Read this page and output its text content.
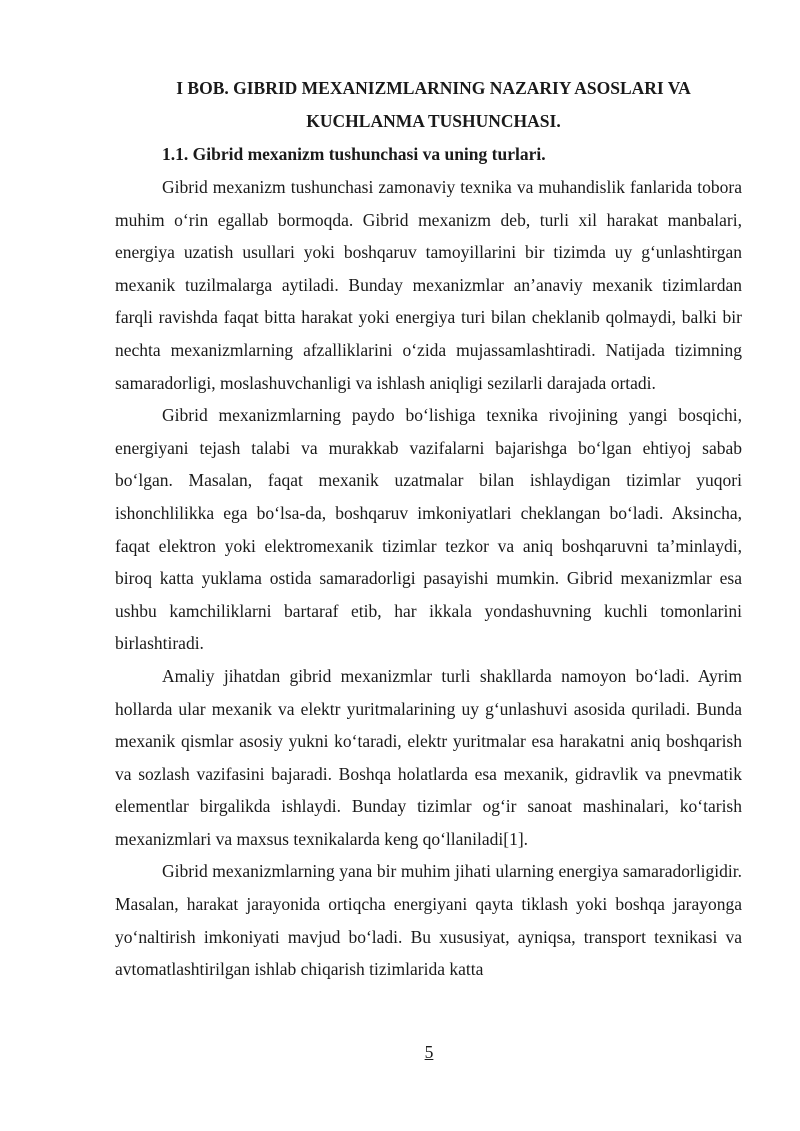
I BOB. GIBRID MEXANIZMLARNING NAZARIY ASOSLARI VA
KUCHLANMA TUSHUNCHASI.

1.1. Gibrid mexanizm tushunchasi va uning turlari.

Gibrid mexanizm tushunchasi zamonaviy texnika va muhandislik fanlarida tobora muhim o‘rin egallab bormoqda. Gibrid mexanizm deb, turli xil harakat manbalari, energiya uzatish usullari yoki boshqaruv tamoyillarini bir tizimda uy g‘unlashtirgan mexanik tuzilmalarga aytiladi. Bunday mexanizmlar an’anaviy mexanik tizimlardan farqli ravishda faqat bitta harakat yoki energiya turi bilan cheklanib qolmaydi, balki bir nechta mexanizmlarning afzalliklarini o‘zida mujassamlashtiradi. Natijada tizimning samaradorligi, moslashuvchanligi va ishlash aniqligi sezilarli darajada ortadi.

Gibrid mexanizmlarning paydo bo‘lishiga texnika rivojining yangi bosqichi, energiyani tejash talabi va murakkab vazifalarni bajarishga bo‘lgan ehtiyoj sabab bo‘lgan. Masalan, faqat mexanik uzatmalar bilan ishlaydigan tizimlar yuqori ishonchlilikka ega bo‘lsa-da, boshqaruv imkoniyatlari cheklangan bo‘ladi. Aksincha, faqat elektron yoki elektromexanik tizimlar tezkor va aniq boshqaruvni ta’minlaydi, biroq katta yuklama ostida samaradorligi pasayishi mumkin. Gibrid mexanizmlar esa ushbu kamchiliklarni bartaraf etib, har ikkala yondashuvning kuchli tomonlarini birlashtiradi.

Amaliy jihatdan gibrid mexanizmlar turli shakllarda namoyon bo‘ladi. Ayrim hollarda ular mexanik va elektr yuritmalarining uy g‘unlashuvi asosida quriladi. Bunda mexanik qismlar asosiy yukni ko‘taradi, elektr yuritmalar esa harakatni aniq boshqarish va sozlash vazifasini bajaradi. Boshqa holatlarda esa mexanik, gidravlik va pnevmatik elementlar birgalikda ishlaydi. Bunday tizimlar og‘ir sanoat mashinalari, ko‘tarish mexanizmlari va maxsus texnikalarda keng qo‘llaniladi[1].

Gibrid mexanizmlarning yana bir muhim jihati ularning energiya samaradorligidir. Masalan, harakat jarayonida ortiqcha energiyani qayta tiklash yoki boshqa jarayonga yo‘naltirish imkoniyati mavjud bo‘ladi. Bu xususiyat, ayniqsa, transport texnikasi va avtomatlashtirilgan ishlab chiqarish tizimlarida katta

5
